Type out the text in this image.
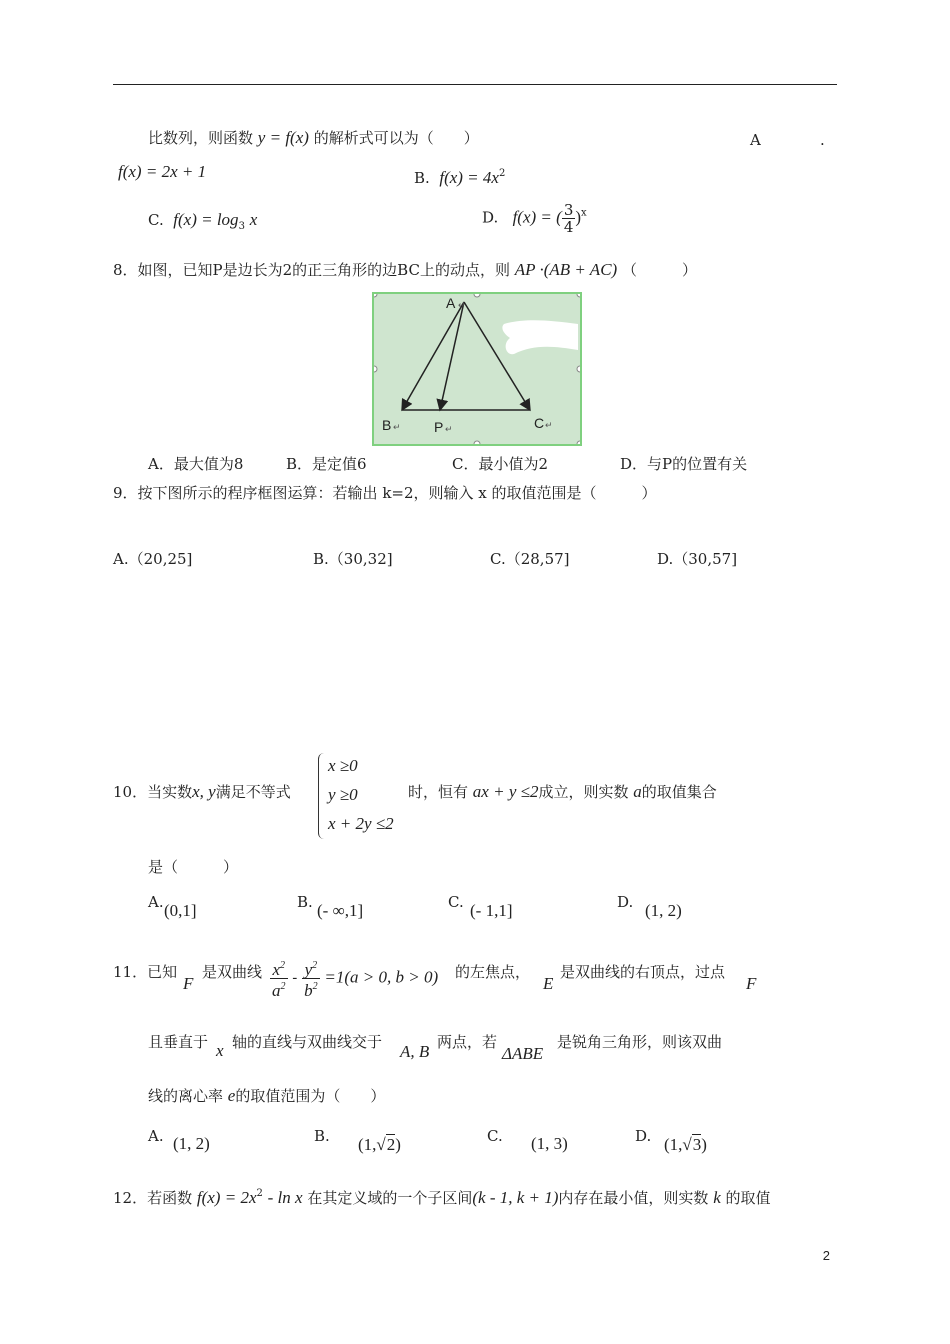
比数列，则函数 y = f(x) 的解析式可以为（　　）	A	.
f(x) = 2x + 1	B. $f(x) = 4x^2$
C. $f(x) = \log_3 x$	D. f(x) = ( $\frac{3}{4} )^x$
8．如图，已知P是边长为2的正三角形的边BC上的动点，则 AP ·(AB + AC) （　　　）
A ↵
B ↵ P ↵	C ↵
A．最大值为8	B．是定值6	C．最小值为2	D．与P的位置有关
9．按下图所示的程序框图运算：若输出 k=2，则输入 x 的取值范围是（　　　）
A.（20,25]	B.（30,32]	C.（28,57]	D.（30,57]
10．当实数x, y满足不等式
x ≥0
y ≥0
x + 2y ≤2
时，恒有 ax + y ≤2成立，则实数 a的取值集合
是（　　　）
A. (0,1]	B. (- ∞,1]	C. (- 1,1]	D. (1, 2)
11．已知
F
是双曲线 $\frac{x^2}{a^2} - \frac{y^2}{b^2} =1(a > 0$, b > 0) 的左焦点，
E
是双曲线的右顶点，过点
F
且垂直于 x 轴的直线与双曲线交于 A, B 两点，若
ΔABE
是锐角三角形，则该双曲
线的离心率 e的取值范围为（　　）
A. (1, 2)	B. (1,√2)	C. (1, 3)	D. (1,√3)
12．若函数 $f(x) = 2x^2 - \ln x$ 在其定义域的一个子区间(k - 1, k + 1)内存在最小值，则实数 k 的取值
2
